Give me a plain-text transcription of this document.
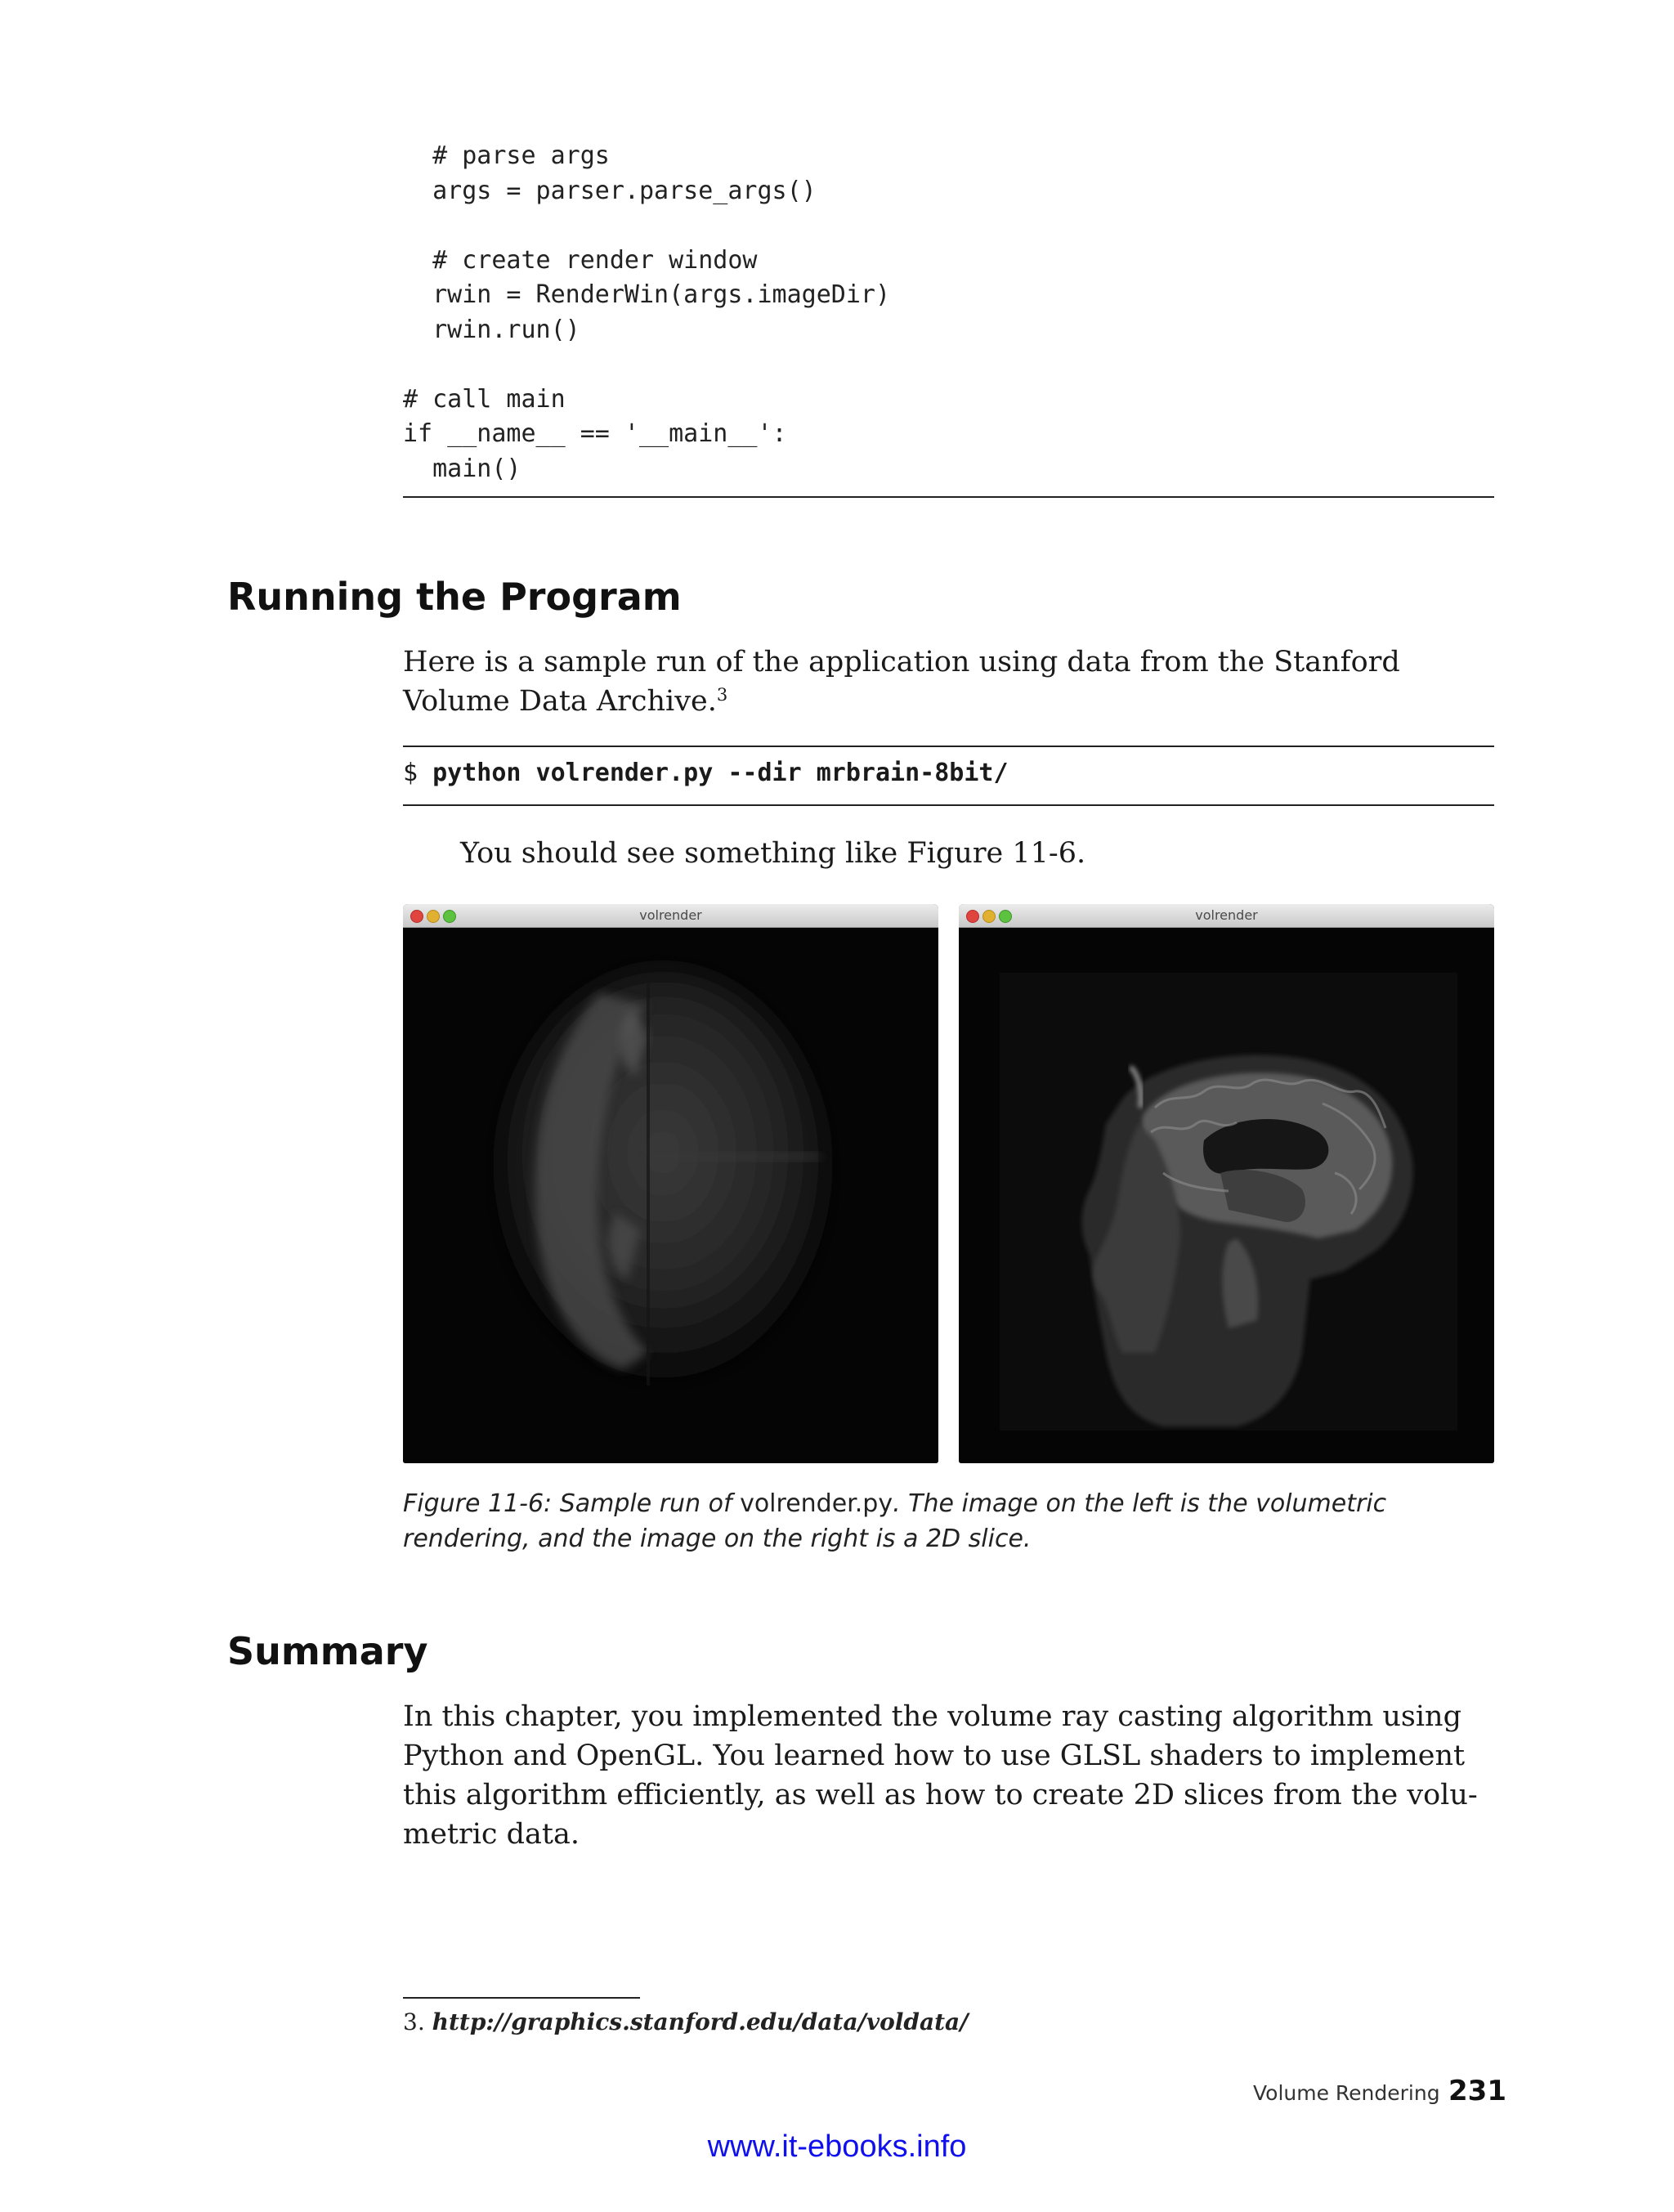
# parse args
args = parser.parse_args()

# create render window
rwin = RenderWin(args.imageDir)
rwin.run()

# call main
if __name__ == '__main__':
main()
Running the Program

Here is a sample run of the application using data from the Stanford Volume Data Archive.$^3$

$ python volrender.py --dir mrbrain-8bit/

You should see something like Figure 11-6.

volrender	volrender

Figure 11-6: Sample run of volrender.py. The image on the left is the volumetric rendering, and the image on the right is a 2D slice.

Summary

In this chapter, you implemented the volume ray casting algorithm using Python and OpenGL. You learned how to use GLSL shaders to implement this algorithm efficiently, as well as how to create 2D slices from the volu-metric data.

3. http://graphics.stanford.edu/data/voldata/

Volume Rendering 231
www.it-ebooks.info
